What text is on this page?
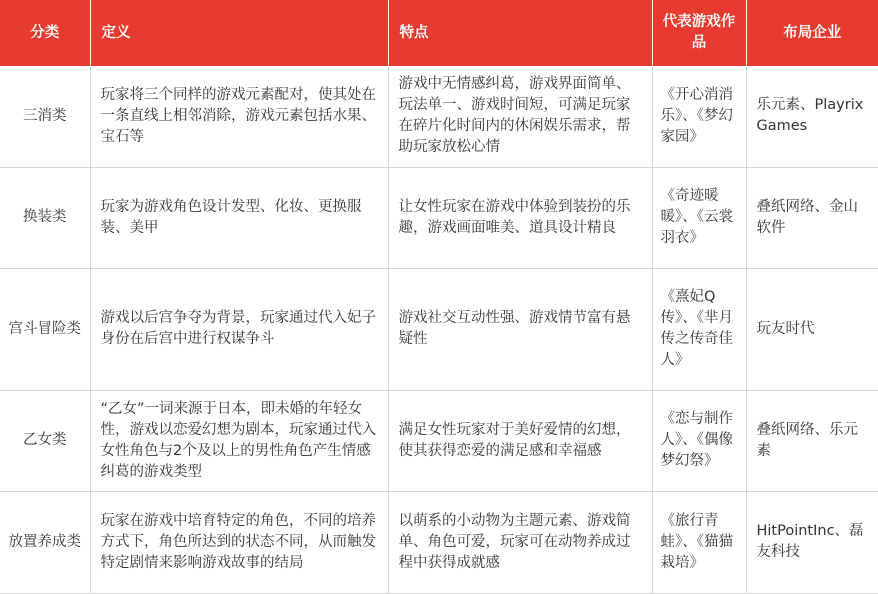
分类	定义	特点	代表游戏作品	布局企业
三消类	玩家将三个同样的游戏元素配对，使其处在一条直线上相邻消除，游戏元素包括水果、宝石等	游戏中无情感纠葛，游戏界面简单、玩法单一、游戏时间短，可满足玩家在碎片化时间内的休闲娱乐需求，帮助玩家放松心情	《开心消消乐》、《梦幻家园》	乐元素、PlayrixGames
换装类	玩家为游戏角色设计发型、化妆、更换服装、美甲	让女性玩家在游戏中体验到装扮的乐趣，游戏画面唯美、道具设计精良	《奇迹暖暖》、《云裳羽衣》	叠纸网络、金山软件
宫斗冒险类	游戏以后宫争夺为背景，玩家通过代入妃子身份在后宫中进行权谋争斗	游戏社交互动性强、游戏情节富有悬疑性	《熹妃Q传》、《芈月传之传奇佳人》	玩友时代
乙女类	“乙女”一词来源于日本，即未婚的年轻女性，游戏以恋爱幻想为剧本，玩家通过代入女性角色与2个及以上的男性角色产生情感纠葛的游戏类型	满足女性玩家对于美好爱情的幻想，使其获得恋爱的满足感和幸福感	《恋与制作人》、《偶像梦幻祭》	叠纸网络、乐元素
放置养成类	玩家在游戏中培育特定的角色，不同的培养方式下，角色所达到的状态不同，从而触发特定剧情来影响游戏故事的结局	以萌系的小动物为主题元素、游戏简单、角色可爱，玩家可在动物养成过程中获得成就感	《旅行青蛙》、《猫猫栽培》	HitPointInc、磊友科技
